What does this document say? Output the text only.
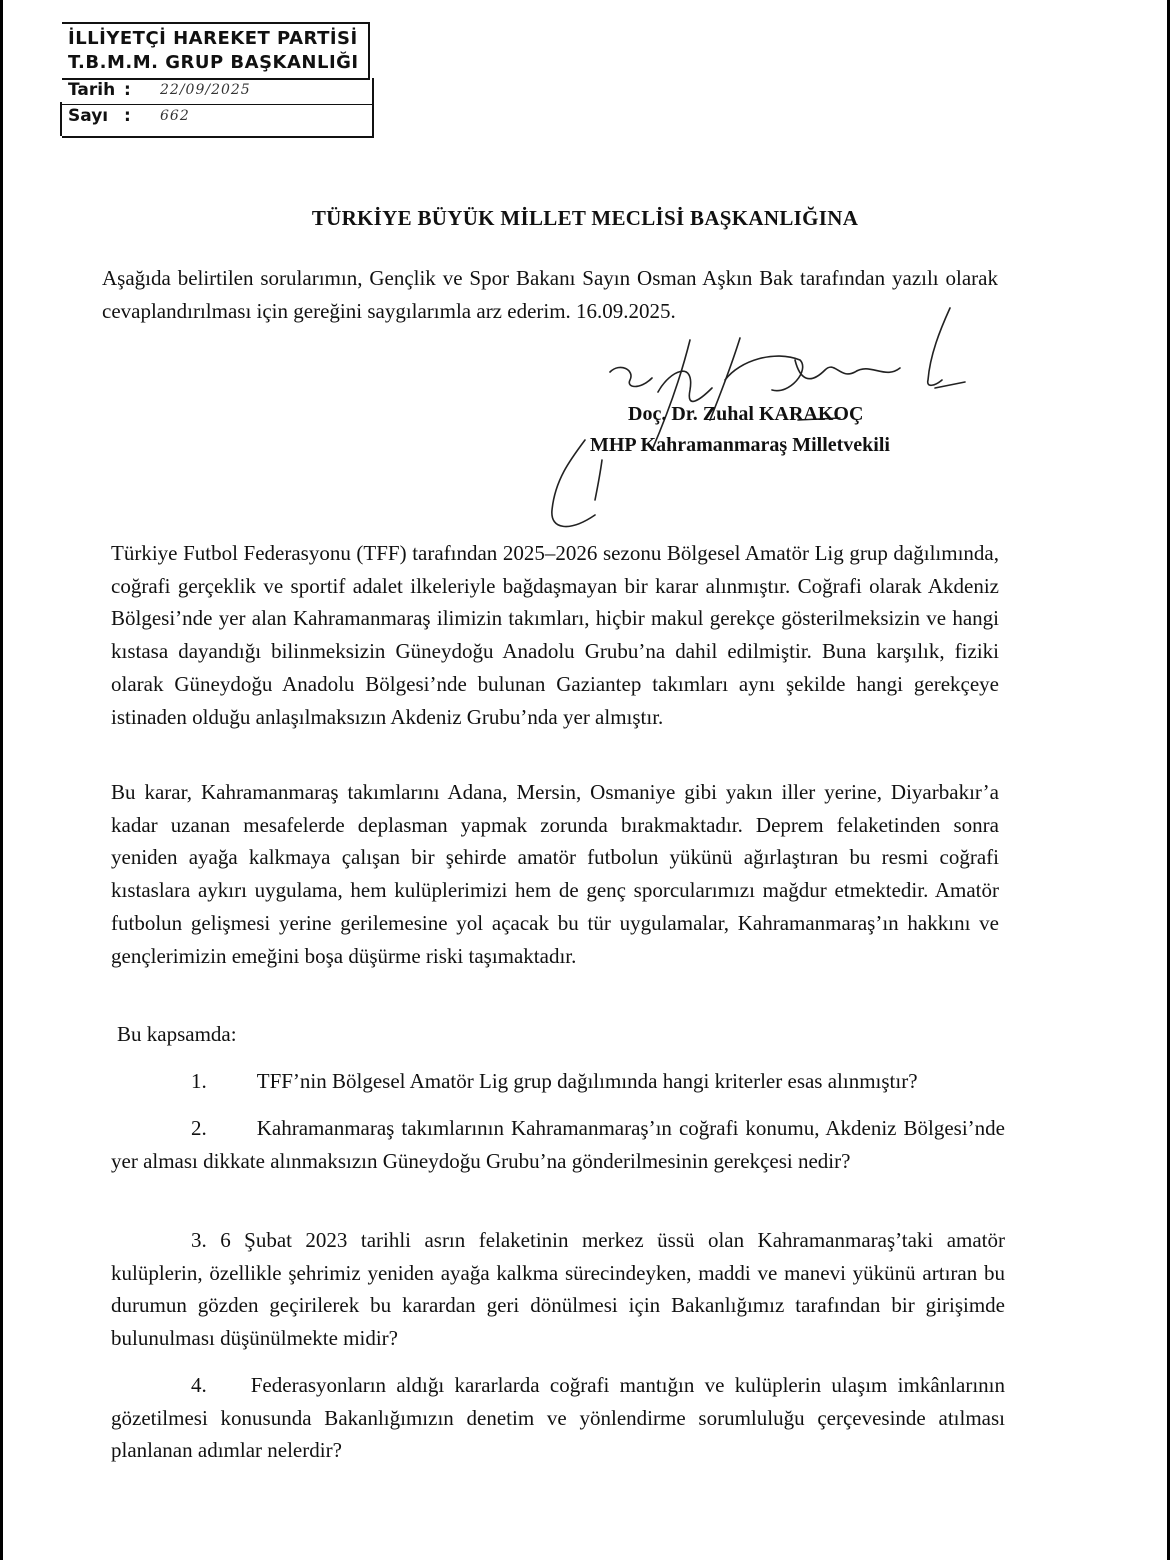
İLLİYETÇİ HAREKET PARTİSİ
T.B.M.M. GRUP BAŞKANLIĞI
Tarih : 22/09/2025
Sayı : 662
TÜRKİYE BÜYÜK MİLLET MECLİSİ BAŞKANLIĞINA
Aşağıda belirtilen sorularımın, Gençlik ve Spor Bakanı Sayın Osman Aşkın Bak tarafından yazılı olarak cevaplandırılması için gereğini saygılarımla arz ederim. 16.09.2025.
Doç. Dr. Zuhal KARAKOÇ
MHP Kahramanmaraş Milletvekili
Türkiye Futbol Federasyonu (TFF) tarafından 2025–2026 sezonu Bölgesel Amatör Lig grup dağılımında, coğrafi gerçeklik ve sportif adalet ilkeleriyle bağdaşmayan bir karar alınmıştır. Coğrafi olarak Akdeniz Bölgesi’nde yer alan Kahramanmaraş ilimizin takımları, hiçbir makul gerekçe gösterilmeksizin ve hangi kıstasa dayandığı bilinmeksizin Güneydoğu Anadolu Grubu’na dahil edilmiştir. Buna karşılık, fiziki olarak Güneydoğu Anadolu Bölgesi’nde bulunan Gaziantep takımları aynı şekilde hangi gerekçeye istinaden olduğu anlaşılmaksızın Akdeniz Grubu’nda yer almıştır.
Bu karar, Kahramanmaraş takımlarını Adana, Mersin, Osmaniye gibi yakın iller yerine, Diyarbakır’a kadar uzanan mesafelerde deplasman yapmak zorunda bırakmaktadır. Deprem felaketinden sonra yeniden ayağa kalkmaya çalışan bir şehirde amatör futbolun yükünü ağırlaştıran bu resmi coğrafi kıstaslara aykırı uygulama, hem kulüplerimizi hem de genç sporcularımızı mağdur etmektedir. Amatör futbolun gelişmesi yerine gerilemesine yol açacak bu tür uygulamalar, Kahramanmaraş’ın hakkını ve gençlerimizin emeğini boşa düşürme riski taşımaktadır.
Bu kapsamda:
1. TFF’nin Bölgesel Amatör Lig grup dağılımında hangi kriterler esas alınmıştır?
2. Kahramanmaraş takımlarının Kahramanmaraş’ın coğrafi konumu, Akdeniz Bölgesi’nde yer alması dikkate alınmaksızın Güneydoğu Grubu’na gönderilmesinin gerekçesi nedir?
3. 6 Şubat 2023 tarihli asrın felaketinin merkez üssü olan Kahramanmaraş’taki amatör kulüplerin, özellikle şehrimiz yeniden ayağa kalkma sürecindeyken, maddi ve manevi yükünü artıran bu durumun gözden geçirilerek bu karardan geri dönülmesi için Bakanlığımız tarafından bir girişimde bulunulması düşünülmekte midir?
4. Federasyonların aldığı kararlarda coğrafi mantığın ve kulüplerin ulaşım imkânlarının gözetilmesi konusunda Bakanlığımızın denetim ve yönlendirme sorumluluğu çerçevesinde atılması planlanan adımlar nelerdir?
